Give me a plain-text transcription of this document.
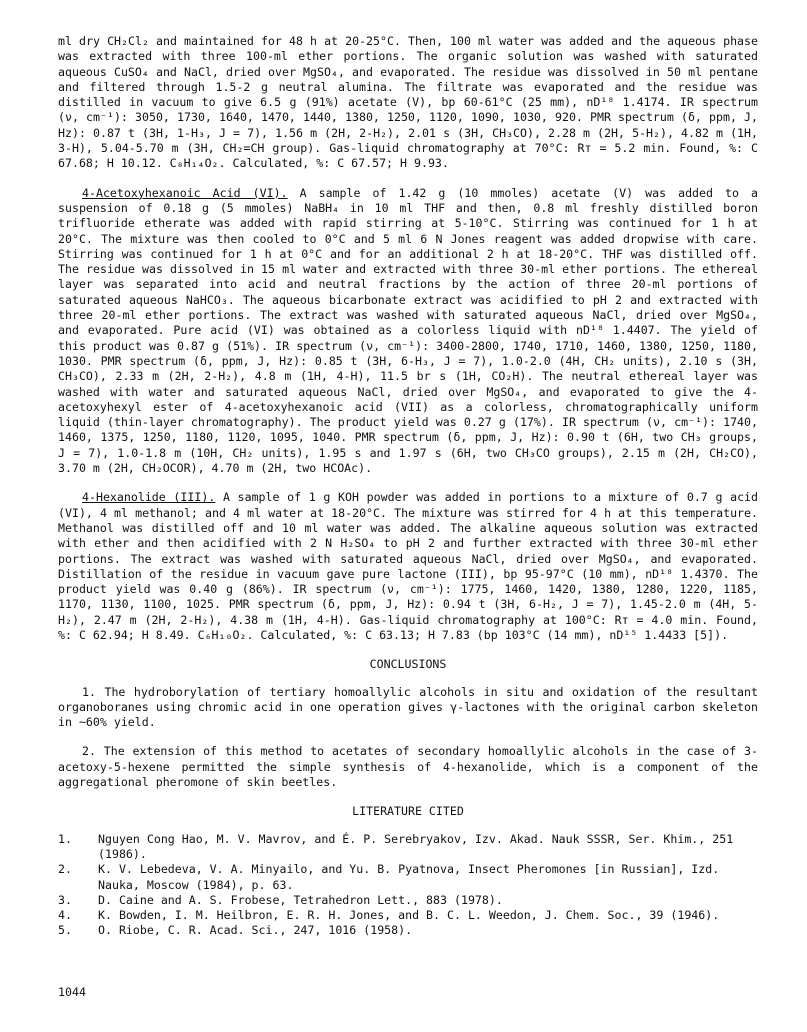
ml dry CH₂Cl₂ and maintained for 48 h at 20-25°C. Then, 100 ml water was added and the aqueous phase was extracted with three 100-ml ether portions. The organic solution was washed with saturated aqueous CuSO₄ and NaCl, dried over MgSO₄, and evaporated. The residue was dissolved in 50 ml pentane and filtered through 1.5-2 g neutral alumina. The filtrate was evaporated and the residue was distilled in vacuum to give 6.5 g (91%) acetate (V), bp 60-61°C (25 mm), nD¹⁸ 1.4174. IR spectrum (ν, cm⁻¹): 3050, 1730, 1640, 1470, 1440, 1380, 1250, 1120, 1090, 1030, 920. PMR spectrum (δ, ppm, J, Hz): 0.87 t (3H, 1-H₃, J = 7), 1.56 m (2H, 2-H₂), 2.01 s (3H, CH₃CO), 2.28 m (2H, 5-H₂), 4.82 m (1H, 3-H), 5.04-5.70 m (3H, CH₂=CH group). Gas-liquid chromatography at 70°C: Rт = 5.2 min. Found, %: C 67.68; H 10.12. C₈H₁₄O₂. Calculated, %: C 67.57; H 9.93.

4-Acetoxyhexanoic Acid (VI). A sample of 1.42 g (10 mmoles) acetate (V) was added to a suspension of 0.18 g (5 mmoles) NaBH₄ in 10 ml THF and then, 0.8 ml freshly distilled boron trifluoride etherate was added with rapid stirring at 5-10°C. Stirring was continued for 1 h at 20°C. The mixture was then cooled to 0°C and 5 ml 6 N Jones reagent was added dropwise with care. Stirring was continued for 1 h at 0°C and for an additional 2 h at 18-20°C. THF was distilled off. The residue was dissolved in 15 ml water and extracted with three 30-ml ether portions. The ethereal layer was separated into acid and neutral fractions by the action of three 20-ml portions of saturated aqueous NaHCO₃. The aqueous bicarbonate extract was acidified to pH 2 and extracted with three 20-ml ether portions. The extract was washed with saturated aqueous NaCl, dried over MgSO₄, and evaporated. Pure acid (VI) was obtained as a colorless liquid with nD¹⁸ 1.4407. The yield of this product was 0.87 g (51%). IR spectrum (ν, cm⁻¹): 3400-2800, 1740, 1710, 1460, 1380, 1250, 1180, 1030. PMR spectrum (δ, ppm, J, Hz): 0.85 t (3H, 6-H₃, J = 7), 1.0-2.0 (4H, CH₂ units), 2.10 s (3H, CH₃CO), 2.33 m (2H, 2-H₂), 4.8 m (1H, 4-H), 11.5 br s (1H, CO₂H). The neutral ethereal layer was washed with water and saturated aqueous NaCl, dried over MgSO₄, and evaporated to give the 4-acetoxyhexyl ester of 4-acetoxyhexanoic acid (VII) as a colorless, chromatographically uniform liquid (thin-layer chromatography). The product yield was 0.27 g (17%). IR spectrum (ν, cm⁻¹): 1740, 1460, 1375, 1250, 1180, 1120, 1095, 1040. PMR spectrum (δ, ppm, J, Hz): 0.90 t (6H, two CH₃ groups, J = 7), 1.0-1.8 m (10H, CH₂ units), 1.95 s and 1.97 s (6H, two CH₃CO groups), 2.15 m (2H, CH₂CO), 3.70 m (2H, CH₂OCOR), 4.70 m (2H, two HCOAc).

4-Hexanolide (III). A sample of 1 g KOH powder was added in portions to a mixture of 0.7 g acid (VI), 4 ml methanol; and 4 ml water at 18-20°C. The mixture was stirred for 4 h at this temperature. Methanol was distilled off and 10 ml water was added. The alkaline aqueous solution was extracted with ether and then acidified with 2 N H₂SO₄ to pH 2 and further extracted with three 30-ml ether portions. The extract was washed with saturated aqueous NaCl, dried over MgSO₄, and evaporated. Distillation of the residue in vacuum gave pure lactone (III), bp 95-97°C (10 mm), nD¹⁸ 1.4370. The product yield was 0.40 g (86%). IR spectrum (ν, cm⁻¹): 1775, 1460, 1420, 1380, 1280, 1220, 1185, 1170, 1130, 1100, 1025. PMR spectrum (δ, ppm, J, Hz): 0.94 t (3H, 6-H₂, J = 7), 1.45-2.0 m (4H, 5-H₂), 2.47 m (2H, 2-H₂), 4.38 m (1H, 4-H). Gas-liquid chromatography at 100°C: Rт = 4.0 min. Found, %: C 62.94; H 8.49. C₆H₁₀O₂. Calculated, %: C 63.13; H 7.83 (bp 103°C (14 mm), nD¹⁵ 1.4433 [5]).

CONCLUSIONS

1. The hydroborylation of tertiary homoallylic alcohols in situ and oxidation of the resultant organoboranes using chromic acid in one operation gives γ-lactones with the original carbon skeleton in ~60% yield.

2. The extension of this method to acetates of secondary homoallylic alcohols in the case of 3-acetoxy-5-hexene permitted the simple synthesis of 4-hexanolide, which is a component of the aggregational pheromone of skin beetles.

LITERATURE CITED
1.	Nguyen Cong Hao, M. V. Mavrov, and É. P. Serebryakov, Izv. Akad. Nauk SSSR, Ser. Khim., 251 (1986).
2.	K. V. Lebedeva, V. A. Minyailo, and Yu. B. Pyatnova, Insect Pheromones [in Russian], Izd. Nauka, Moscow (1984), p. 63.
3.	D. Caine and A. S. Frobese, Tetrahedron Lett., 883 (1978).
4.	K. Bowden, I. M. Heilbron, E. R. H. Jones, and B. C. L. Weedon, J. Chem. Soc., 39 (1946).
5.	O. Riobe, C. R. Acad. Sci., 247, 1016 (1958).
1044
